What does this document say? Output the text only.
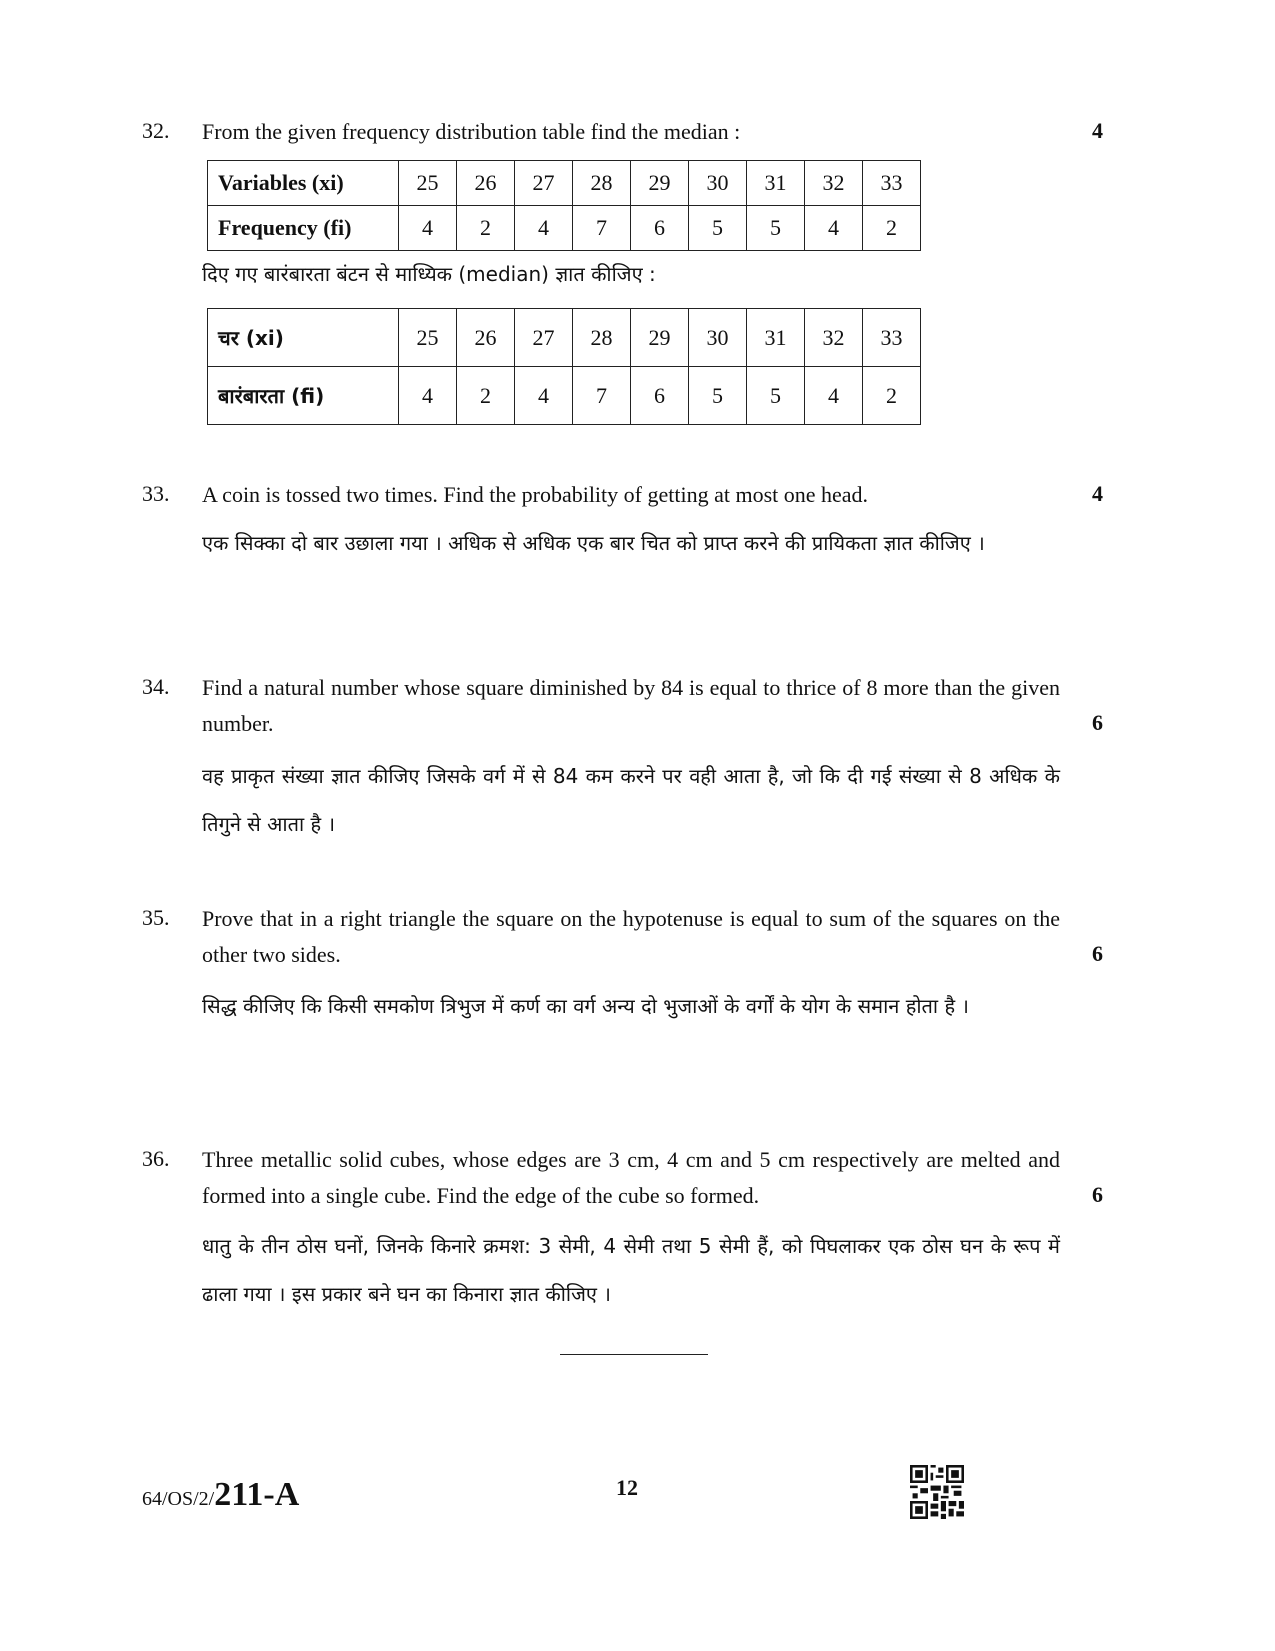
32. From the given frequency distribution table find the median :	4
Variables (xi)	25	26	27	28	29	30	31	32	33
Frequency (fi)	4	2	4	7	6	5	5	4	2
दिए गए बारंबारता बंटन से माध्यिक (median) ज्ञात कीजिए :
चर (xi)	25	26	27	28	29	30	31	32	33
बारंबारता (fi)	4	2	4	7	6	5	5	4	2
33. A coin is tossed two times. Find the probability of getting at most one head.	4
एक सिक्का दो बार उछाला गया । अधिक से अधिक एक बार चित को प्राप्त करने की प्रायिकता ज्ञात कीजिए ।
34. Find a natural number whose square diminished by 84 is equal to thrice of 8 more than the given number.	6
वह प्राकृत संख्या ज्ञात कीजिए जिसके वर्ग में से 84 कम करने पर वही आता है, जो कि दी गई संख्या से 8 अधिक के तिगुने से आता है ।
35. Prove that in a right triangle the square on the hypotenuse is equal to sum of the squares on the other two sides.	6
सिद्ध कीजिए कि किसी समकोण त्रिभुज में कर्ण का वर्ग अन्य दो भुजाओं के वर्गों के योग के समान होता है ।
36. Three metallic solid cubes, whose edges are 3 cm, 4 cm and 5 cm respectively are melted and formed into a single cube. Find the edge of the cube so formed.	6
धातु के तीन ठोस घनों, जिनके किनारे क्रमश: 3 सेमी, 4 सेमी तथा 5 सेमी हैं, को पिघलाकर एक ठोस घन के रूप में ढाला गया । इस प्रकार बने घन का किनारा ज्ञात कीजिए ।
64/OS/2/211-A	12
